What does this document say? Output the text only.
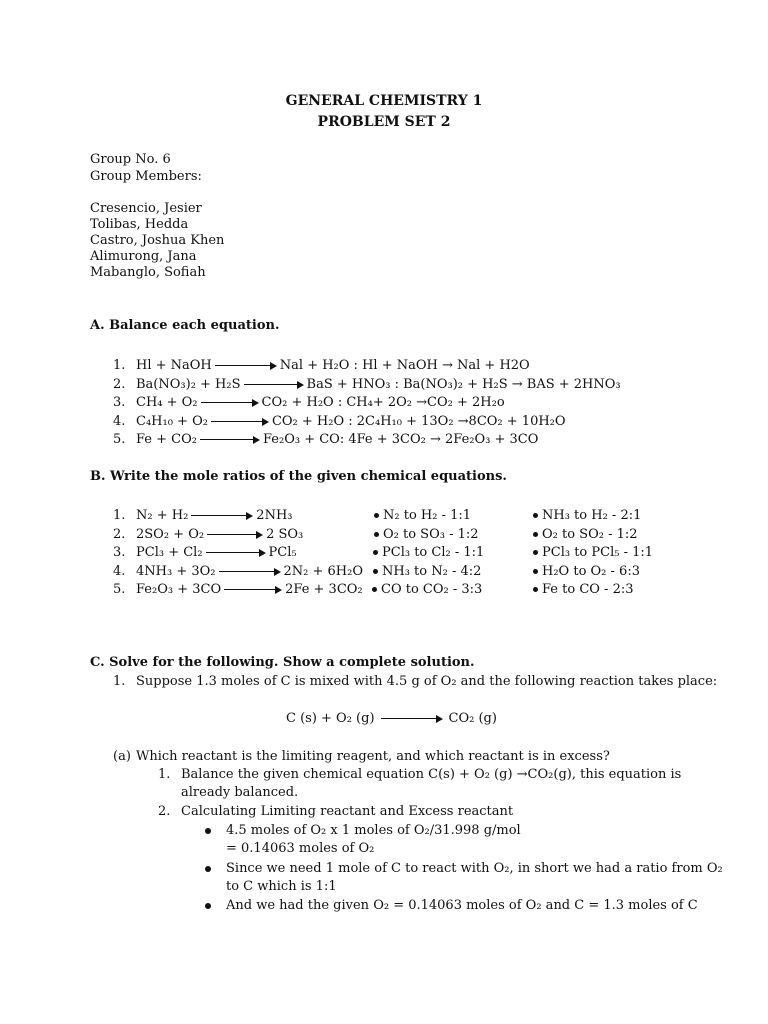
GENERAL CHEMISTRY 1
PROBLEM SET 2
Group No. 6
Group Members:
Cresencio, Jesier
Tolibas, Hedda
Castro, Joshua Khen
Alimurong, Jana
Mabanglo, Sofiah
A. Balance each equation.
1. Hl + NaOH	Nal + H₂O : Hl + NaOH → Nal + H2O
2. Ba(NO₃)₂ + H₂S	BaS + HNO₃ : Ba(NO₃)₂ + H₂S → BAS + 2HNO₃
3. CH₄ + O₂	CO₂ + H₂O : CH₄+ 2O₂ →CO₂ + 2H₂o
4. C₄H₁₀ + O₂	CO₂ + H₂O : 2C₄H₁₀ + 13O₂ →8CO₂ + 10H₂O
5. Fe + CO₂	Fe₂O₃ + CO: 4Fe + 3CO₂ → 2Fe₂O₃ + 3CO
B. Write the mole ratios of the given chemical equations.
1. N₂ + H₂	2NH₃	N₂ to H₂ - 1:1	NH₃ to H₂ - 2:1
2. 2SO₂ + O₂	2 SO₃	O₂ to SO₃ - 1:2	O₂ to SO₂ - 1:2
3. PCl₃ + Cl₂	PCl₅	PCl₃ to Cl₂ - 1:1	PCl₃ to PCl₅ - 1:1
4. 4NH₃ + 3O₂	2N₂ + 6H₂O	NH₃ to N₂ - 4:2	H₂O to O₂ - 6:3
5. Fe₂O₃ + 3CO	2Fe + 3CO₂	CO to CO₂ - 3:3	Fe to CO - 2:3
C. Solve for the following. Show a complete solution.
1. Suppose 1.3 moles of C is mixed with 4.5 g of O₂ and the following reaction takes place:
C (s) + O₂ (g)	CO₂ (g)
(a) Which reactant is the limiting reagent, and which reactant is in excess?
1. Balance the given chemical equation C(s) + O₂ (g) →CO₂(g), this equation is
already balanced.
2. Calculating Limiting reactant and Excess reactant
4.5 moles of O₂ x 1 moles of O₂/31.998 g/mol
= 0.14063 moles of O₂
Since we need 1 mole of C to react with O₂, in short we had a ratio from O₂
to C which is 1:1
And we had the given O₂ = 0.14063 moles of O₂ and C = 1.3 moles of C
